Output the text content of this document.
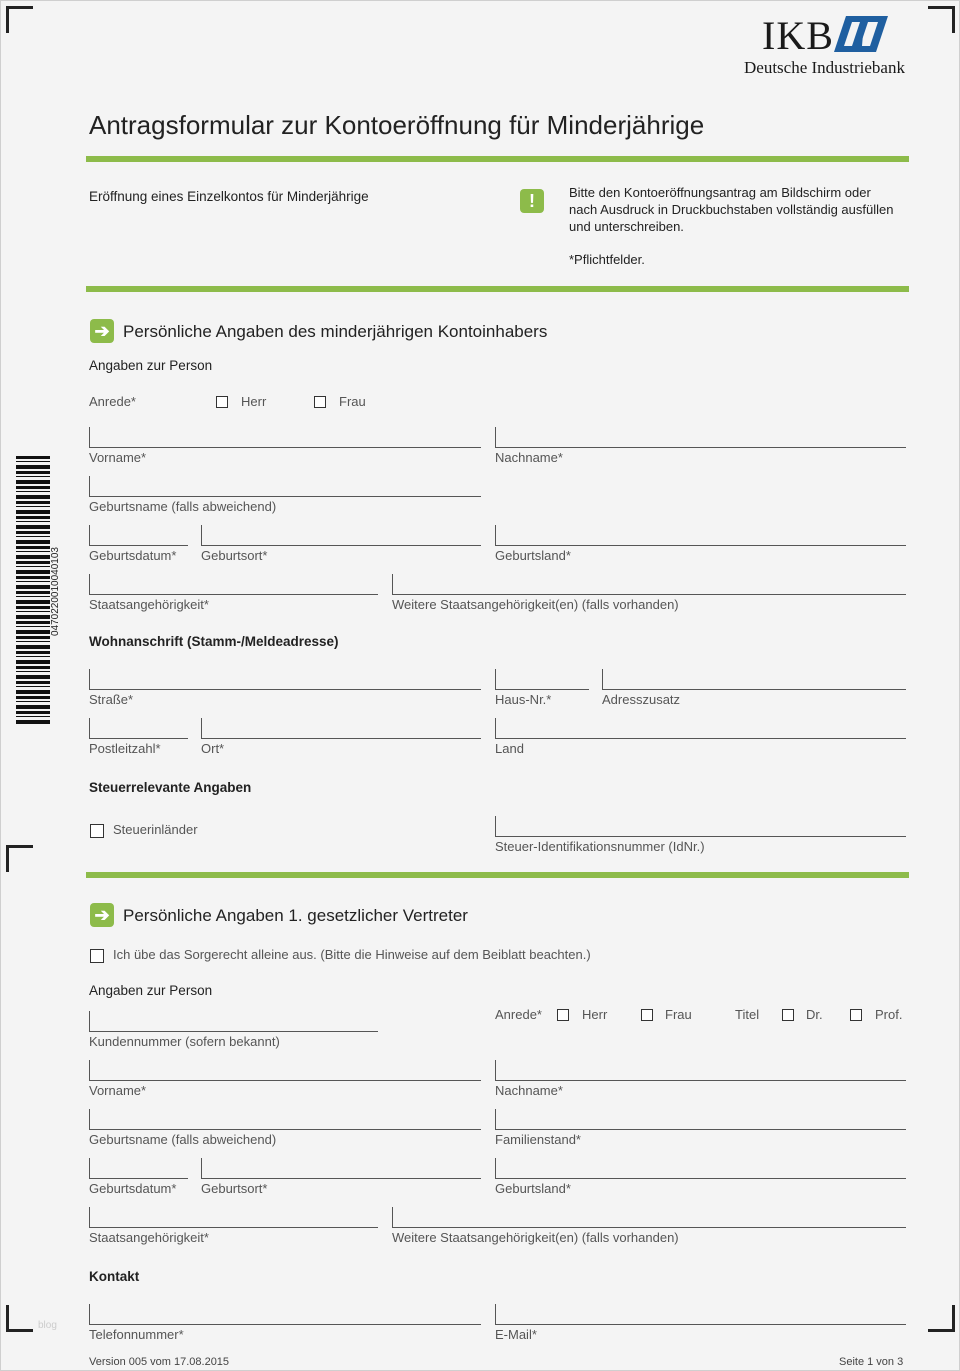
IKB
Deutsche Industriebank
Antragsformular zur Kontoeröffnung für Minderjährige
Eröffnung eines Einzelkontos für Minderjährige	!	Bitte den Kontoeröffnungsantrag am Bildschirm oder
nach Ausdruck in Druckbuchstaben vollständig ausfüllen
und unterschreiben.
*Pflichtfelder.
0470220010040103
➔ Persönliche Angaben des minderjährigen Kontoinhabers
Angaben zur Person
Anrede*	Herr	Frau
Vorname*	Nachname*
Geburtsname (falls abweichend)
Geburtsdatum* Geburtsort*	Geburtsland*
Staatsangehörigkeit*	Weitere Staatsangehörigkeit(en) (falls vorhanden)
Wohnanschrift (Stamm-/Meldeadresse)
Straße*	Haus-Nr.*	Adresszusatz
Postleitzahl*	Ort*	Land
Steuerrelevante Angaben
Steuerinländer
Steuer-Identifikationsnummer (IdNr.)
➔ Persönliche Angaben 1. gesetzlicher Vertreter
Ich übe das Sorgerecht alleine aus. (Bitte die Hinweise auf dem Beiblatt beachten.)
Angaben zur Person
Kundennummer (sofern bekannt)
Anrede*	Herr	Frau	Titel	Dr.	Prof.
Vorname*	Nachname*
Geburtsname (falls abweichend)	Familienstand*
Geburtsdatum* Geburtsort*	Geburtsland*
Staatsangehörigkeit*	Weitere Staatsangehörigkeit(en) (falls vorhanden)
Kontakt
Telefonnummer*	E-Mail*
blog
Version 005 vom 17.08.2015	Seite 1 von 3
